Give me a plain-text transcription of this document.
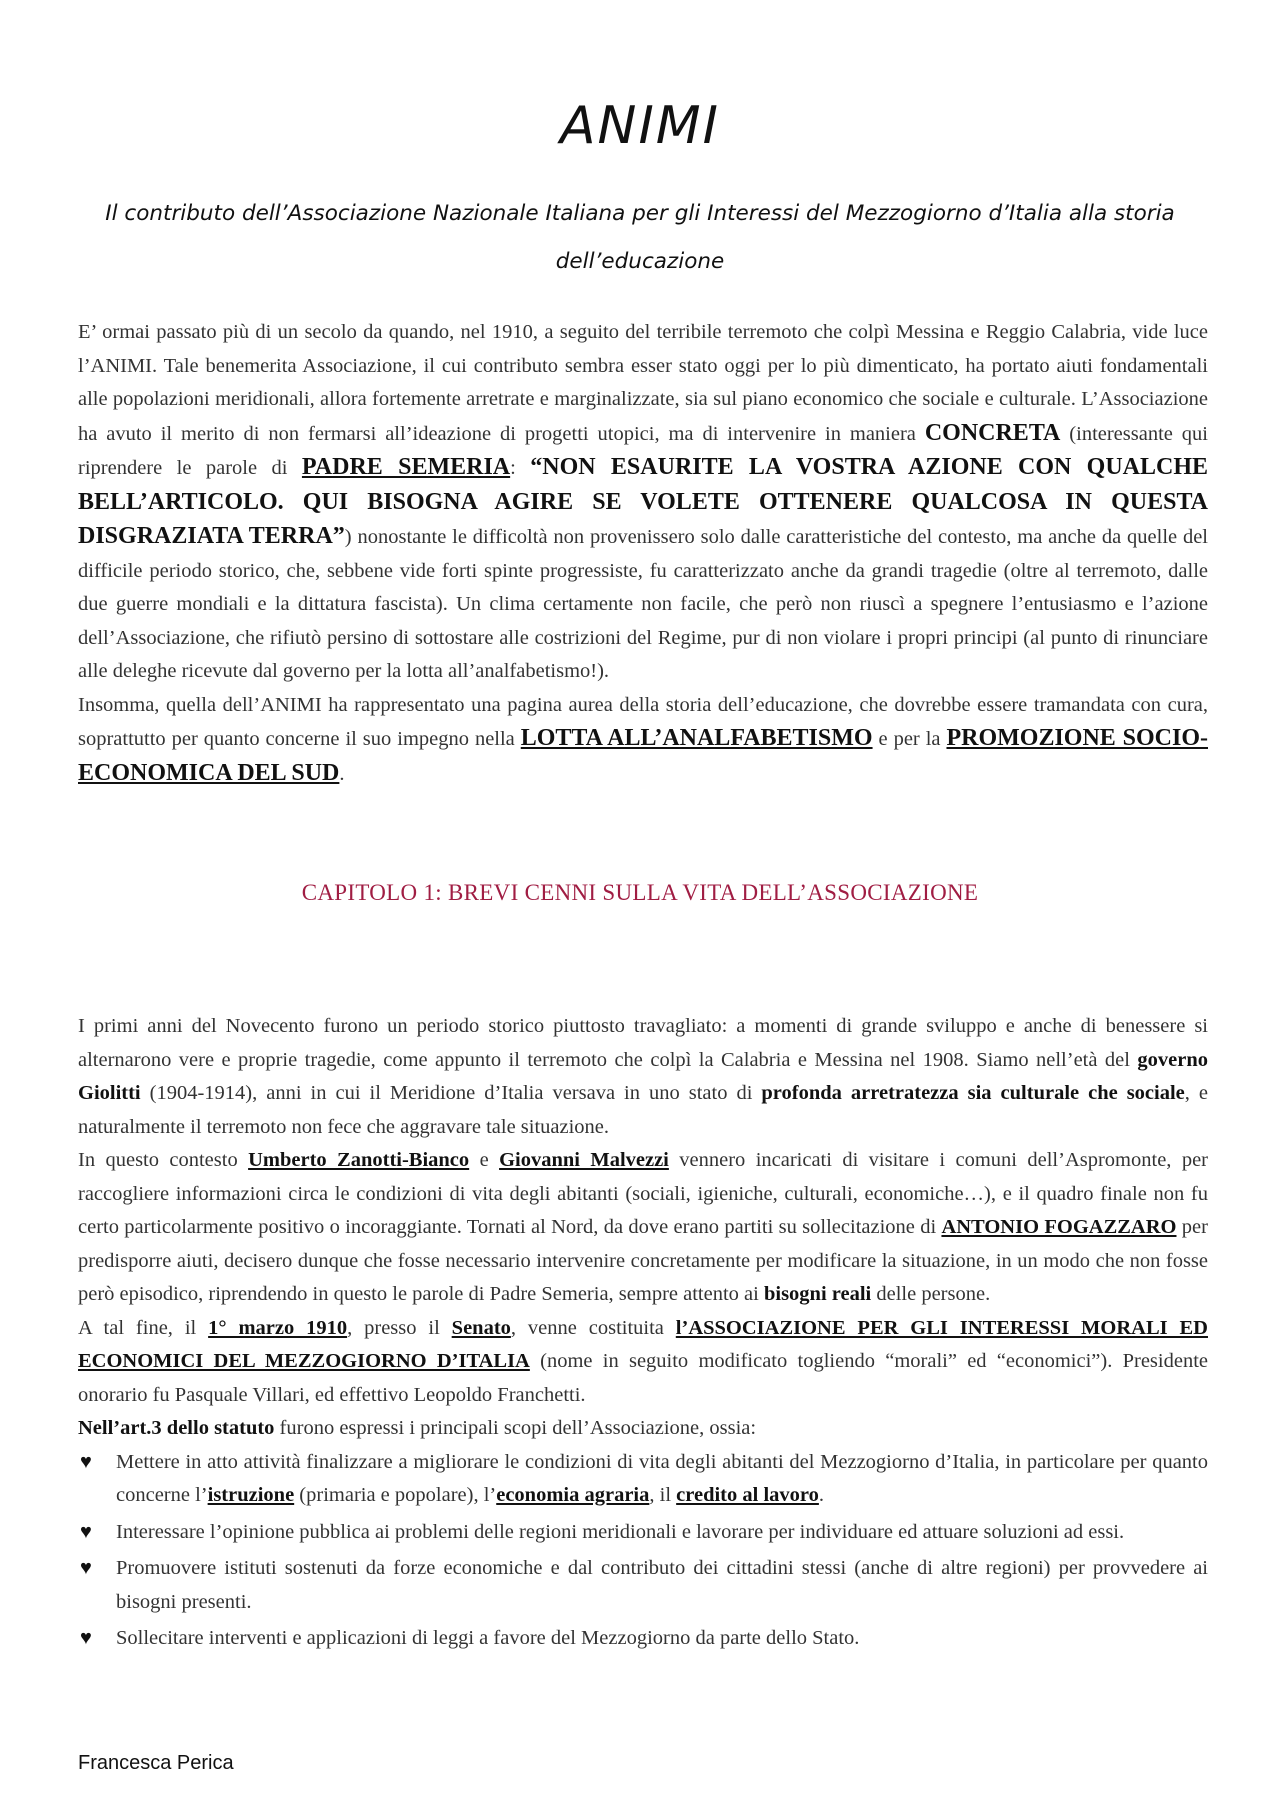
ANIMI
Il contributo dell’Associazione Nazionale Italiana per gli Interessi del Mezzogiorno d’Italia alla storia dell’educazione

E’ ormai passato più di un secolo da quando, nel 1910, a seguito del terribile terremoto che colpì Messina e Reggio Calabria, vide luce l’ANIMI. Tale benemerita Associazione, il cui contributo sembra esser stato oggi per lo più dimenticato, ha portato aiuti fondamentali alle popolazioni meridionali, allora fortemente arretrate e marginalizzate, sia sul piano economico che sociale e culturale. L’Associazione ha avuto il merito di non fermarsi all’ideazione di progetti utopici, ma di intervenire in maniera CONCRETA (interessante qui riprendere le parole di PADRE SEMERIA: “NON ESAURITE LA VOSTRA AZIONE CON QUALCHE BELL’ARTICOLO. QUI BISOGNA AGIRE SE VOLETE OTTENERE QUALCOSA IN QUESTA DISGRAZIATA TERRA”) nonostante le difficoltà non provenissero solo dalle caratteristiche del contesto, ma anche da quelle del difficile periodo storico, che, sebbene vide forti spinte progressiste, fu caratterizzato anche da grandi tragedie (oltre al terremoto, dalle due guerre mondiali e la dittatura fascista). Un clima certamente non facile, che però non riuscì a spegnere l’entusiasmo e l’azione dell’Associazione, che rifiutò persino di sottostare alle costrizioni del Regime, pur di non violare i propri principi (al punto di rinunciare alle deleghe ricevute dal governo per la lotta all’analfabetismo!).

Insomma, quella dell’ANIMI ha rappresentato una pagina aurea della storia dell’educazione, che dovrebbe essere tramandata con cura, soprattutto per quanto concerne il suo impegno nella LOTTA ALL’ANALFABETISMO e per la PROMOZIONE SOCIO-ECONOMICA DEL SUD.

CAPITOLO 1: BREVI CENNI SULLA VITA DELL’ASSOCIAZIONE

I primi anni del Novecento furono un periodo storico piuttosto travagliato: a momenti di grande sviluppo e anche di benessere si alternarono vere e proprie tragedie, come appunto il terremoto che colpì la Calabria e Messina nel 1908. Siamo nell’età del governo Giolitti (1904-1914), anni in cui il Meridione d’Italia versava in uno stato di profonda arretratezza sia culturale che sociale, e naturalmente il terremoto non fece che aggravare tale situazione.

In questo contesto Umberto Zanotti-Bianco e Giovanni Malvezzi vennero incaricati di visitare i comuni dell’Aspromonte, per raccogliere informazioni circa le condizioni di vita degli abitanti (sociali, igieniche, culturali, economiche…), e il quadro finale non fu certo particolarmente positivo o incoraggiante. Tornati al Nord, da dove erano partiti su sollecitazione di ANTONIO FOGAZZARO per predisporre aiuti, decisero dunque che fosse necessario intervenire concretamente per modificare la situazione, in un modo che non fosse però episodico, riprendendo in questo le parole di Padre Semeria, sempre attento ai bisogni reali delle persone.

A tal fine, il 1° marzo 1910, presso il Senato, venne costituita l’ASSOCIAZIONE PER GLI INTERESSI MORALI ED ECONOMICI DEL MEZZOGIORNO D’ITALIA (nome in seguito modificato togliendo “morali” ed “economici”). Presidente onorario fu Pasquale Villari, ed effettivo Leopoldo Franchetti.

Nell’art.3 dello statuto furono espressi i principali scopi dell’Associazione, ossia:

♥ Mettere in atto attività finalizzare a migliorare le condizioni di vita degli abitanti del Mezzogiorno d’Italia, in particolare per quanto concerne l’istruzione (primaria e popolare), l’economia agraria, il credito al lavoro.
♥ Interessare l’opinione pubblica ai problemi delle regioni meridionali e lavorare per individuare ed attuare soluzioni ad essi.
♥ Promuovere istituti sostenuti da forze economiche e dal contributo dei cittadini stessi (anche di altre regioni) per provvedere ai bisogni presenti.
♥ Sollecitare interventi e applicazioni di leggi a favore del Mezzogiorno da parte dello Stato.
Francesca Perica
